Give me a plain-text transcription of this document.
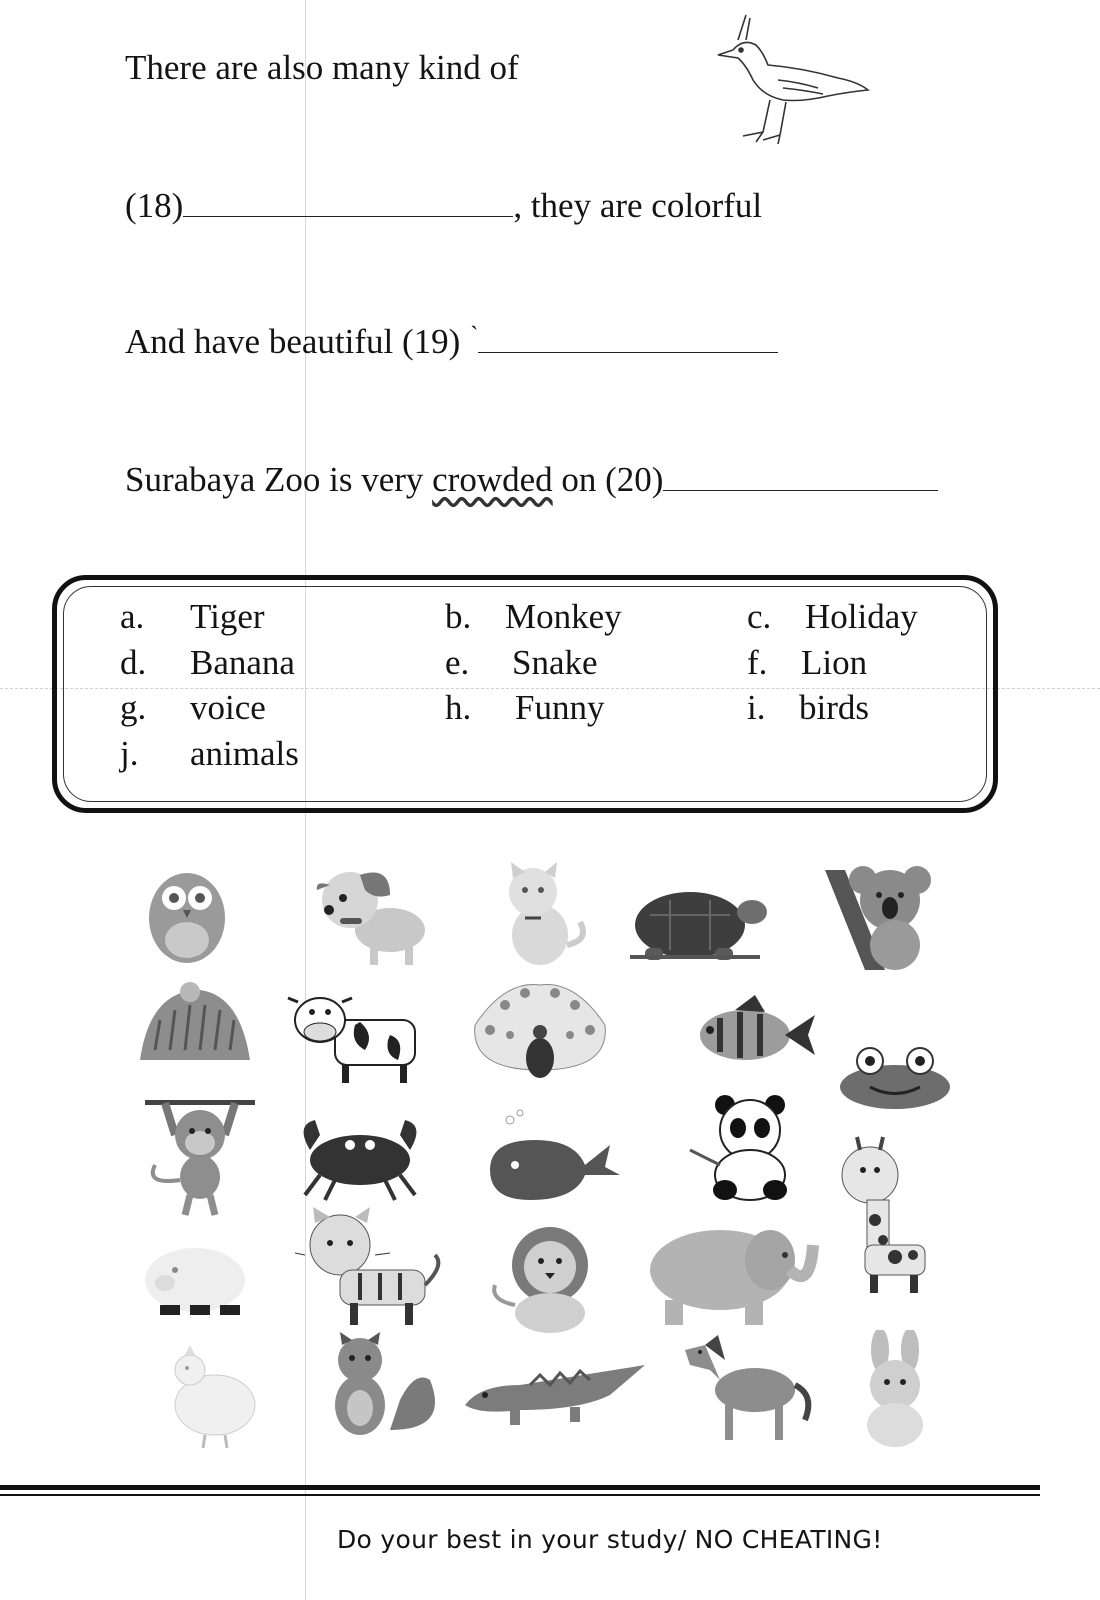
There are also many kind of
(18)	, they are colorful
And have beautiful (19) `
Surabaya Zoo is very crowded on (20)
a. Tiger	b. Monkey	c. Holiday
d. Banana	e. Snake	f. Lion
g. voice	h. Funny	i. birds
j. animals
Do your best in your study/ NO CHEATING!
